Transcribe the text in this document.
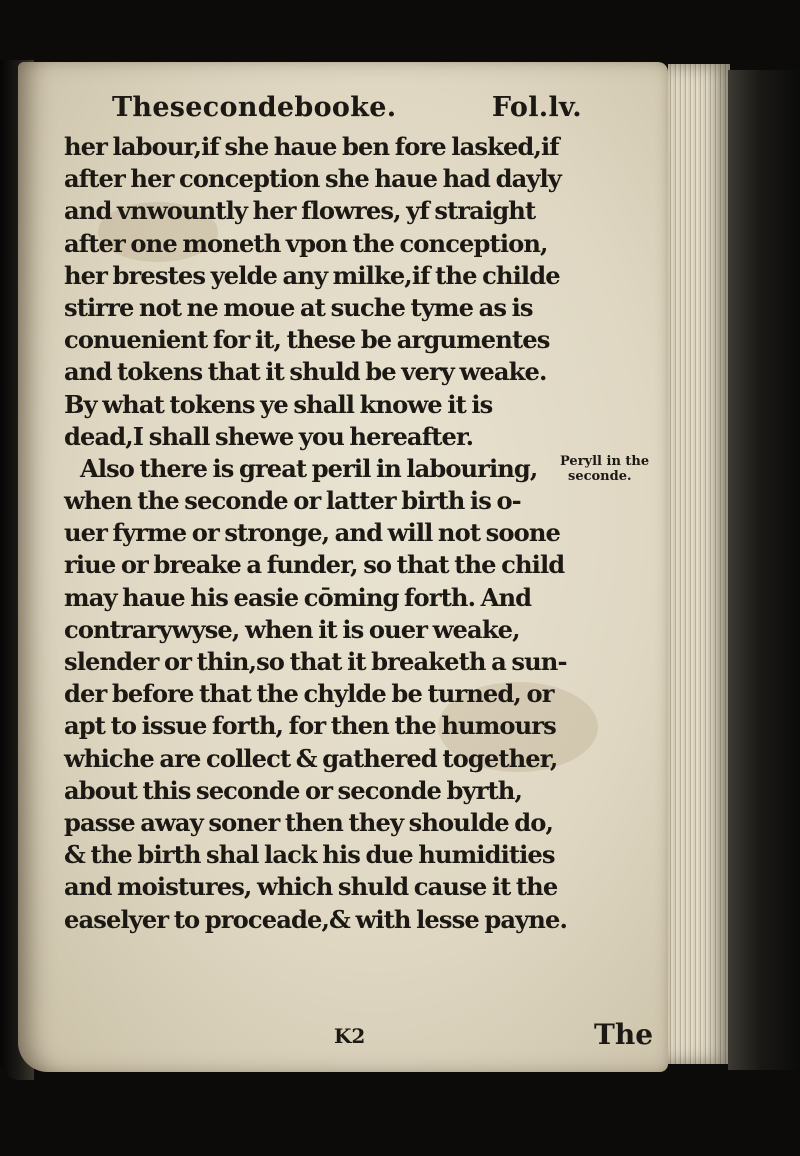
Thesecondebooke.	Fol.lv.
her labour,if she haue ben fore lasked,if
after her conception she haue had dayly
and vnwountly her flowres, yf straight
after one moneth vpon the conception,
her brestes yelde any milke,if the childe
stirre not ne moue at suche tyme as is
conuenient for it, these be argumentes
and tokens that it shuld be very weake.
By what tokens ye shall knowe it is
dead,I shall shewe you hereafter.
Also there is great peril in labouring,
when the seconde or latter birth is o-
uer fyrme or stronge, and will not soone
riue or breake a funder, so that the child
may haue his easie cōming forth. And
contrarywyse, when it is ouer weake,
slender or thin,so that it breaketh a sun-
der before that the chylde be turned, or
apt to issue forth, for then the humours
whiche are collect & gathered together,
about this seconde or seconde byrth,
passe away soner then they shoulde do,
& the birth shal lack his due humidities
and moistures, which shuld cause it the
easelyer to proceade,& with lesse payne.
Peryll in the
seconde.
K2	The
